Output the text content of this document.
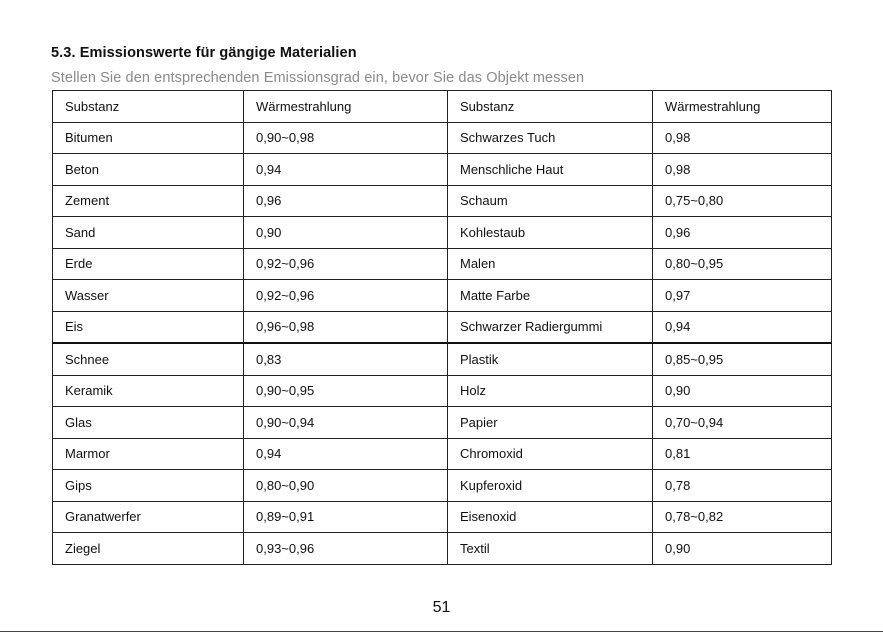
5.3. Emissionswerte für gängige Materialien
Stellen Sie den entsprechenden Emissionsgrad ein, bevor Sie das Objekt messen
Substanz	Wärmestrahlung	Substanz	Wärmestrahlung
Bitumen	0,90~0,98	Schwarzes Tuch	0,98
Beton	0,94	Menschliche Haut	0,98
Zement	0,96	Schaum	0,75~0,80
Sand	0,90	Kohlestaub	0,96
Erde	0,92~0,96	Malen	0,80~0,95
Wasser	0,92~0,96	Matte Farbe	0,97
Eis	0,96~0,98	Schwarzer Radiergummi	0,94
Schnee	0,83	Plastik	0,85~0,95
Keramik	0,90~0,95	Holz	0,90
Glas	0,90~0,94	Papier	0,70~0,94
Marmor	0,94	Chromoxid	0,81
Gips	0,80~0,90	Kupferoxid	0,78
Granatwerfer	0,89~0,91	Eisenoxid	0,78~0,82
Ziegel	0,93~0,96	Textil	0,90
51
